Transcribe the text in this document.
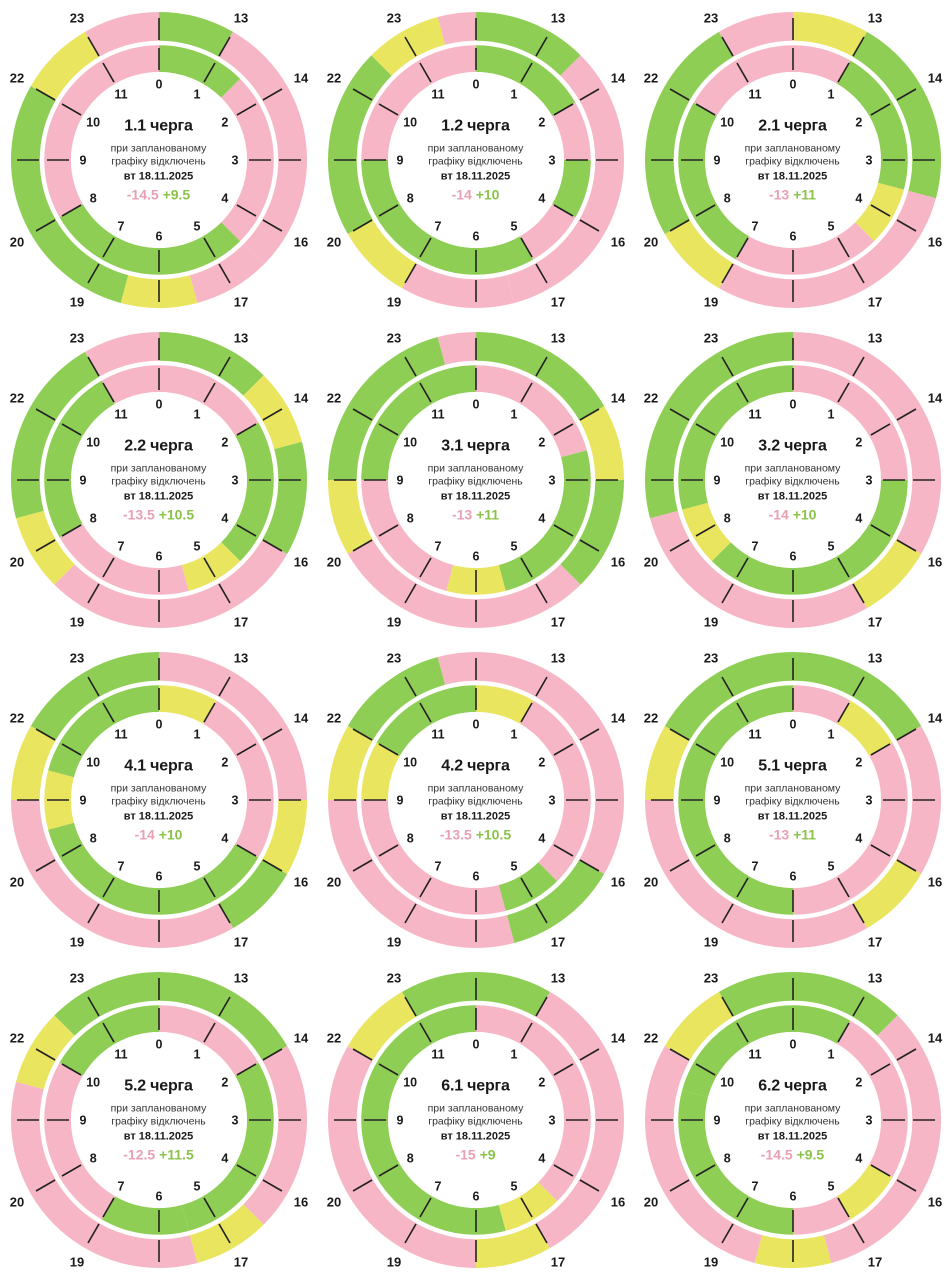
13
14
16
17
19
20
22
23
0
1
2
3
4
5
6
7
8
9
10
11
1.1 черга
при запланованому
графіку відключень
вт 18.11.2025
-14.5 +9.5
13
14
16
17
19
20
22
23
0
1
2
3
4
5
6
7
8
9
10
11
1.2 черга
при запланованому
графіку відключень
вт 18.11.2025
-14 +10
13
14
16
17
19
20
22
23
0
1
2
3
4
5
6
7
8
9
10
11
2.1 черга
при запланованому
графіку відключень
вт 18.11.2025
-13 +11
13
14
16
17
19
20
22
23
0
1
2
3
4
5
6
7
8
9
10
11
2.2 черга
при запланованому
графіку відключень
вт 18.11.2025
-13.5 +10.5
13
14
16
17
19
20
22
23
0
1
2
3
4
5
6
7
8
9
10
11
3.1 черга
при запланованому
графіку відключень
вт 18.11.2025
-13 +11
13
14
16
17
19
20
22
23
0
1
2
3
4
5
6
7
8
9
10
11
3.2 черга
при запланованому
графіку відключень
вт 18.11.2025
-14 +10
13
14
16
17
19
20
22
23
0
1
2
3
4
5
6
7
8
9
10
11
4.1 черга
при запланованому
графіку відключень
вт 18.11.2025
-14 +10
13
14
16
17
19
20
22
23
0
1
2
3
4
5
6
7
8
9
10
11
4.2 черга
при запланованому
графіку відключень
вт 18.11.2025
-13.5 +10.5
13
14
16
17
19
20
22
23
0
1
2
3
4
5
6
7
8
9
10
11
5.1 черга
при запланованому
графіку відключень
вт 18.11.2025
-13 +11
13
14
16
17
19
20
22
23
0
1
2
3
4
5
6
7
8
9
10
11
5.2 черга
при запланованому
графіку відключень
вт 18.11.2025
-12.5 +11.5
13
14
16
17
19
20
22
23
0
1
2
3
4
5
6
7
8
9
10
11
6.1 черга
при запланованому
графіку відключень
вт 18.11.2025
-15 +9
13
14
16
17
19
20
22
23
0
1
2
3
4
5
6
7
8
9
10
11
6.2 черга
при запланованому
графіку відключень
вт 18.11.2025
-14.5 +9.5
